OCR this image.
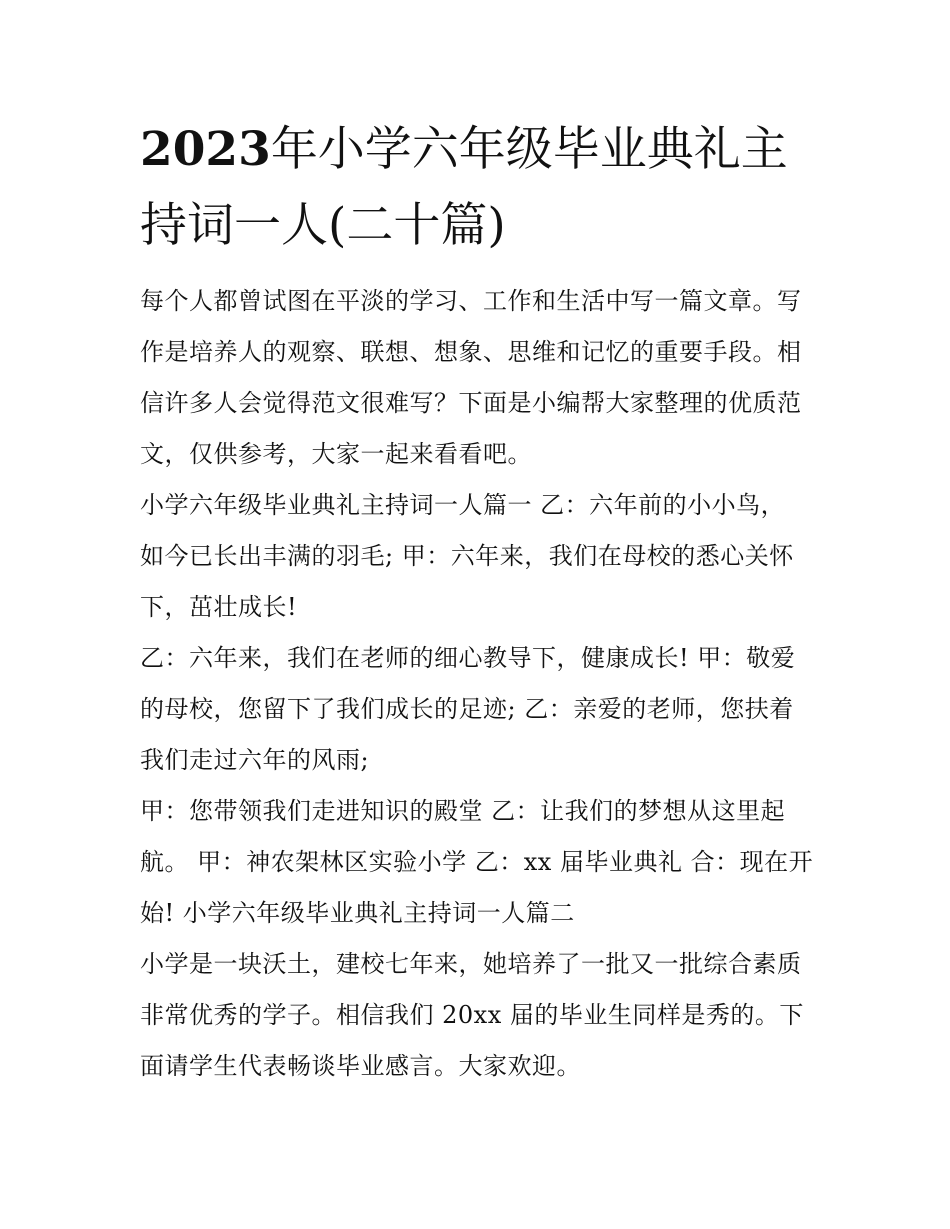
2023年小学六年级毕业典礼主
持词一人(二十篇)

每个人都曾试图在平淡的学习、工作和生活中写一篇文章。写
作是培养人的观察、联想、想象、思维和记忆的重要手段。相
信许多人会觉得范文很难写？下面是小编帮大家整理的优质范
文，仅供参考，大家一起来看看吧。

小学六年级毕业典礼主持词一人篇一 乙：六年前的小小鸟，
如今已长出丰满的羽毛; 甲：六年来，我们在母校的悉心关怀
下，茁壮成长!

乙：六年来，我们在老师的细心教导下，健康成长! 甲：敬爱
的母校，您留下了我们成长的足迹; 乙：亲爱的老师，您扶着
我们走过六年的风雨;

甲：您带领我们走进知识的殿堂 乙：让我们的梦想从这里起
航。 甲：神农架林区实验小学 乙：xx 届毕业典礼 合：现在开
始! 小学六年级毕业典礼主持词一人篇二

小学是一块沃土，建校七年来，她培养了一批又一批综合素质
非常优秀的学子。相信我们 20xx 届的毕业生同样是秀的。下
面请学生代表畅谈毕业感言。大家欢迎。
